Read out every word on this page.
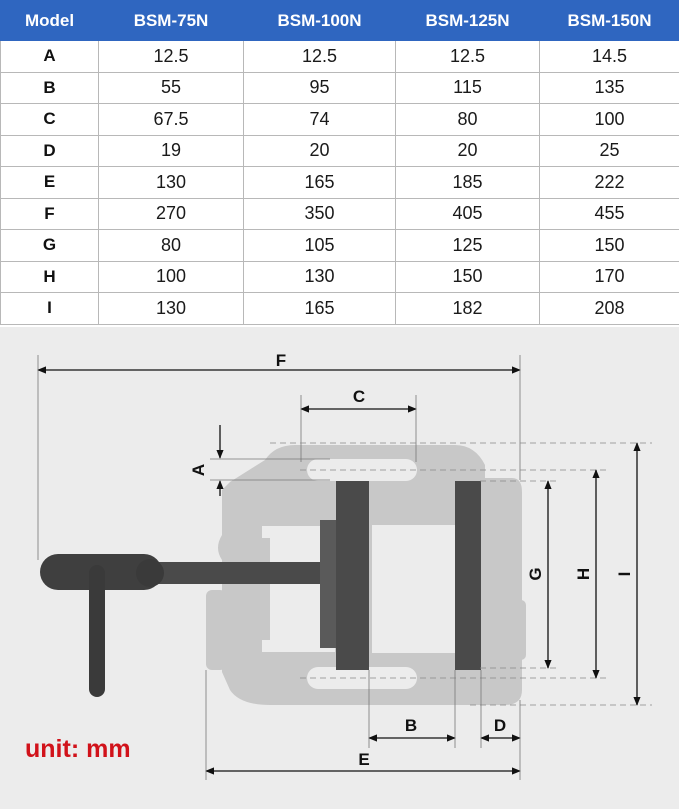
Model	BSM-75N	BSM-100N	BSM-125N	BSM-150N
A	12.5	12.5	12.5	14.5
B	55	95	115	135
C	67.5	74	80	100
D	19	20	20	25
E	130	165	185	222
F	270	350	405	455
G	80	105	125	150
H	100	130	150	170
I	130	165	182	208
F
C
A
G H I
B	D
E
unit: mm
